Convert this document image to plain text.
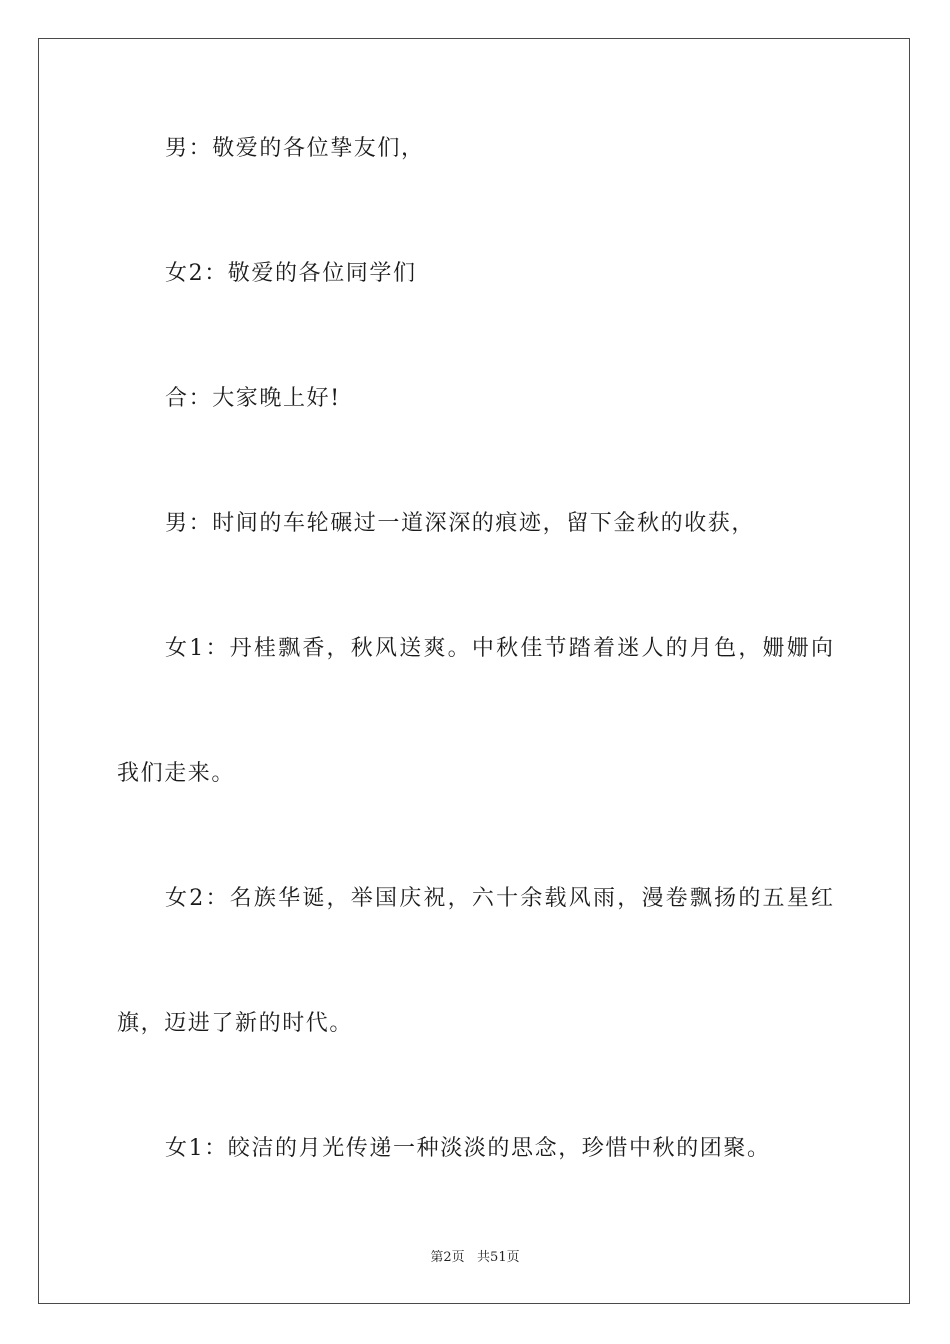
男：敬爱的各位挚友们，

女2：敬爱的各位同学们

合：大家晚上好!

男：时间的车轮碾过一道深深的痕迹，留下金秋的收获，

女1：丹桂飘香，秋风送爽。中秋佳节踏着迷人的月色，姗姗向

我们走来。

女2：名族华诞，举国庆祝，六十余载风雨，漫卷飘扬的五星红

旗，迈进了新的时代。

女1：皎洁的月光传递一种淡淡的思念，珍惜中秋的团聚。

第2页   共51页
